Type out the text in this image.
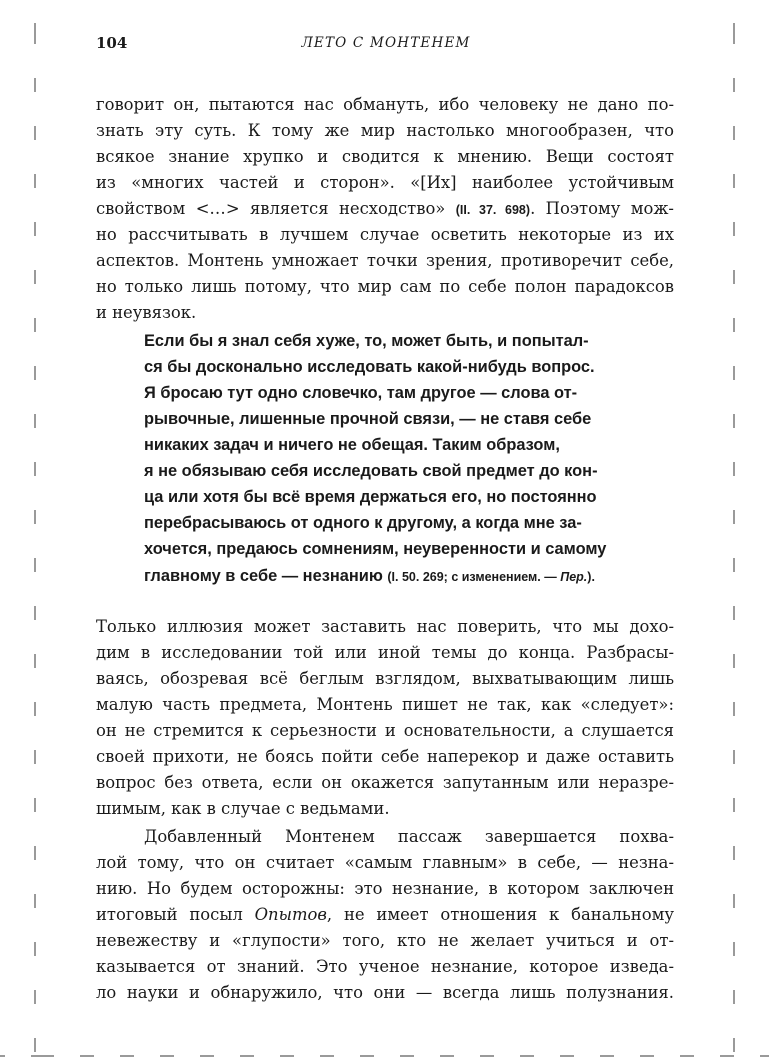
104	ЛЕТО С МОНТЕНЕМ
говорит он, пытаются нас обмануть, ибо человеку не дано по-
знать эту суть. К тому же мир настолько многообразен, что
всякое знание хрупко и сводится к мнению. Вещи состоят
из «многих частей и сторон». «[Их] наиболее устойчивым
свойством <…> является несходство» (II. 37. 698). Поэтому мож-
но рассчитывать в лучшем случае осветить некоторые из их
аспектов. Монтень умножает точки зрения, противоречит себе,
но только лишь потому, что мир сам по себе полон парадоксов
и неувязок.
Если бы я знал себя хуже, то, может быть, и попытал-
ся бы досконально исследовать какой-нибудь вопрос.
Я бросаю тут одно словечко, там другое — слова от-
рывочные, лишенные прочной связи, — не ставя себе
никаких задач и ничего не обещая. Таким образом,
я не обязываю себя исследовать свой предмет до кон-
ца или хотя бы всё время держаться его, но постоянно
перебрасываюсь от одного к другому, а когда мне за-
хочется, предаюсь сомнениям, неуверенности и самому
главному в себе — незнанию (I. 50. 269; с изменением. — Пер.).
Только иллюзия может заставить нас поверить, что мы дохо-
дим в исследовании той или иной темы до конца. Разбрасы-
ваясь, обозревая всё беглым взглядом, выхватывающим лишь
малую часть предмета, Монтень пишет не так, как «следует»:
он не стремится к серьезности и основательности, а слушается
своей прихоти, не боясь пойти себе наперекор и даже оставить
вопрос без ответа, если он окажется запутанным или неразре-
шимым, как в случае с ведьмами.
Добавленный Монтенем пассаж завершается похва-
лой тому, что он считает «самым главным» в себе, — незна-
нию. Но будем осторожны: это незнание, в котором заключен
итоговый посыл Опытов, не имеет отношения к банальному
невежеству и «глупости» того, кто не желает учиться и от-
казывается от знаний. Это ученое незнание, которое изведа-
ло науки и обнаружило, что они — всегда лишь полузнания.
